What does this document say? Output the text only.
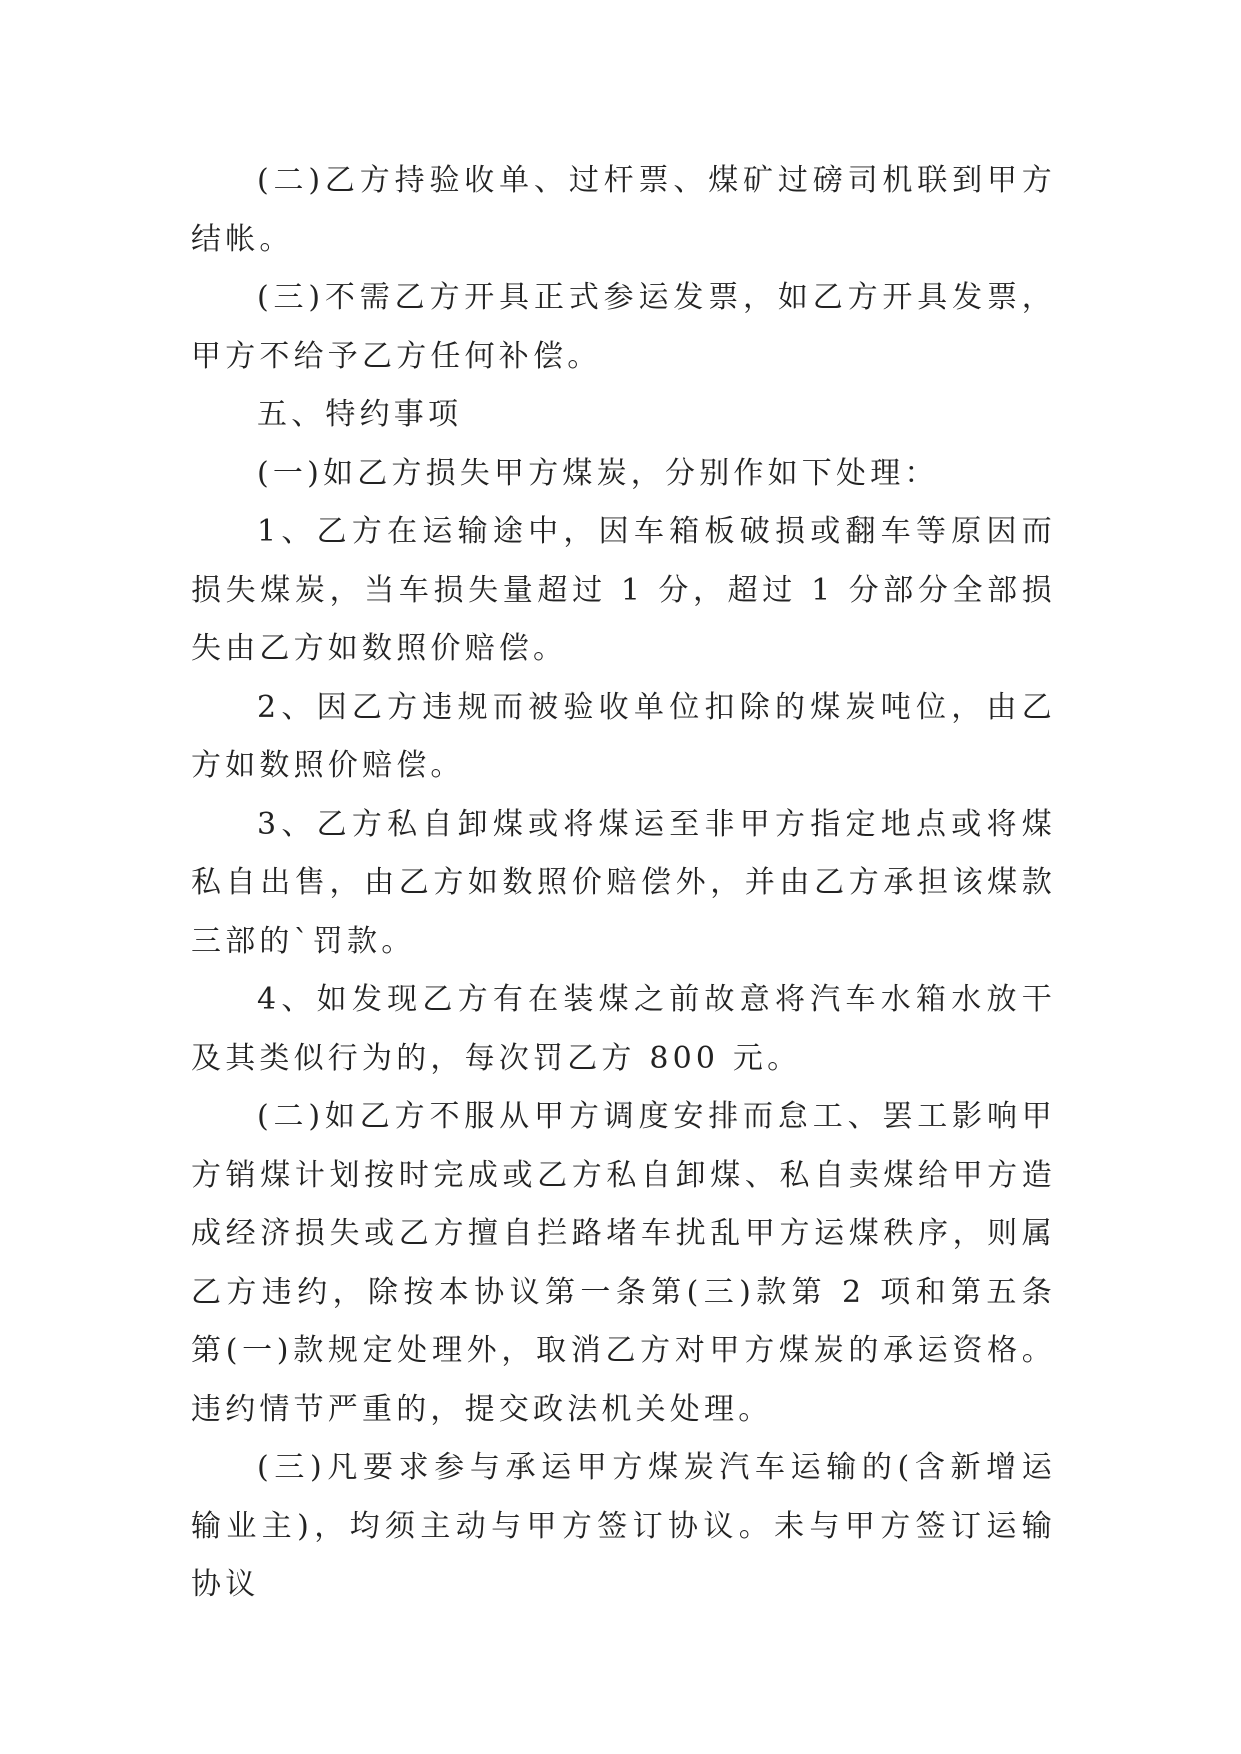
(二)乙方持验收单、过杆票、煤矿过磅司机联到甲方结帐。

(三)不需乙方开具正式参运发票，如乙方开具发票，甲方不给予乙方任何补偿。

五、特约事项

(一)如乙方损失甲方煤炭，分别作如下处理：

1、乙方在运输途中，因车箱板破损或翻车等原因而损失煤炭，当车损失量超过 1 分，超过 1 分部分全部损失由乙方如数照价赔偿。

2、因乙方违规而被验收单位扣除的煤炭吨位，由乙方如数照价赔偿。

3、乙方私自卸煤或将煤运至非甲方指定地点或将煤私自出售，由乙方如数照价赔偿外，并由乙方承担该煤款三部的`罚款。

4、如发现乙方有在装煤之前故意将汽车水箱水放干及其类似行为的，每次罚乙方 800 元。

(二)如乙方不服从甲方调度安排而怠工、罢工影响甲方销煤计划按时完成或乙方私自卸煤、私自卖煤给甲方造成经济损失或乙方擅自拦路堵车扰乱甲方运煤秩序，则属乙方违约，除按本协议第一条第(三)款第 2 项和第五条第(一)款规定处理外，取消乙方对甲方煤炭的承运资格。违约情节严重的，提交政法机关处理。

(三)凡要求参与承运甲方煤炭汽车运输的(含新增运输业主)，均须主动与甲方签订协议。未与甲方签订运输协议
